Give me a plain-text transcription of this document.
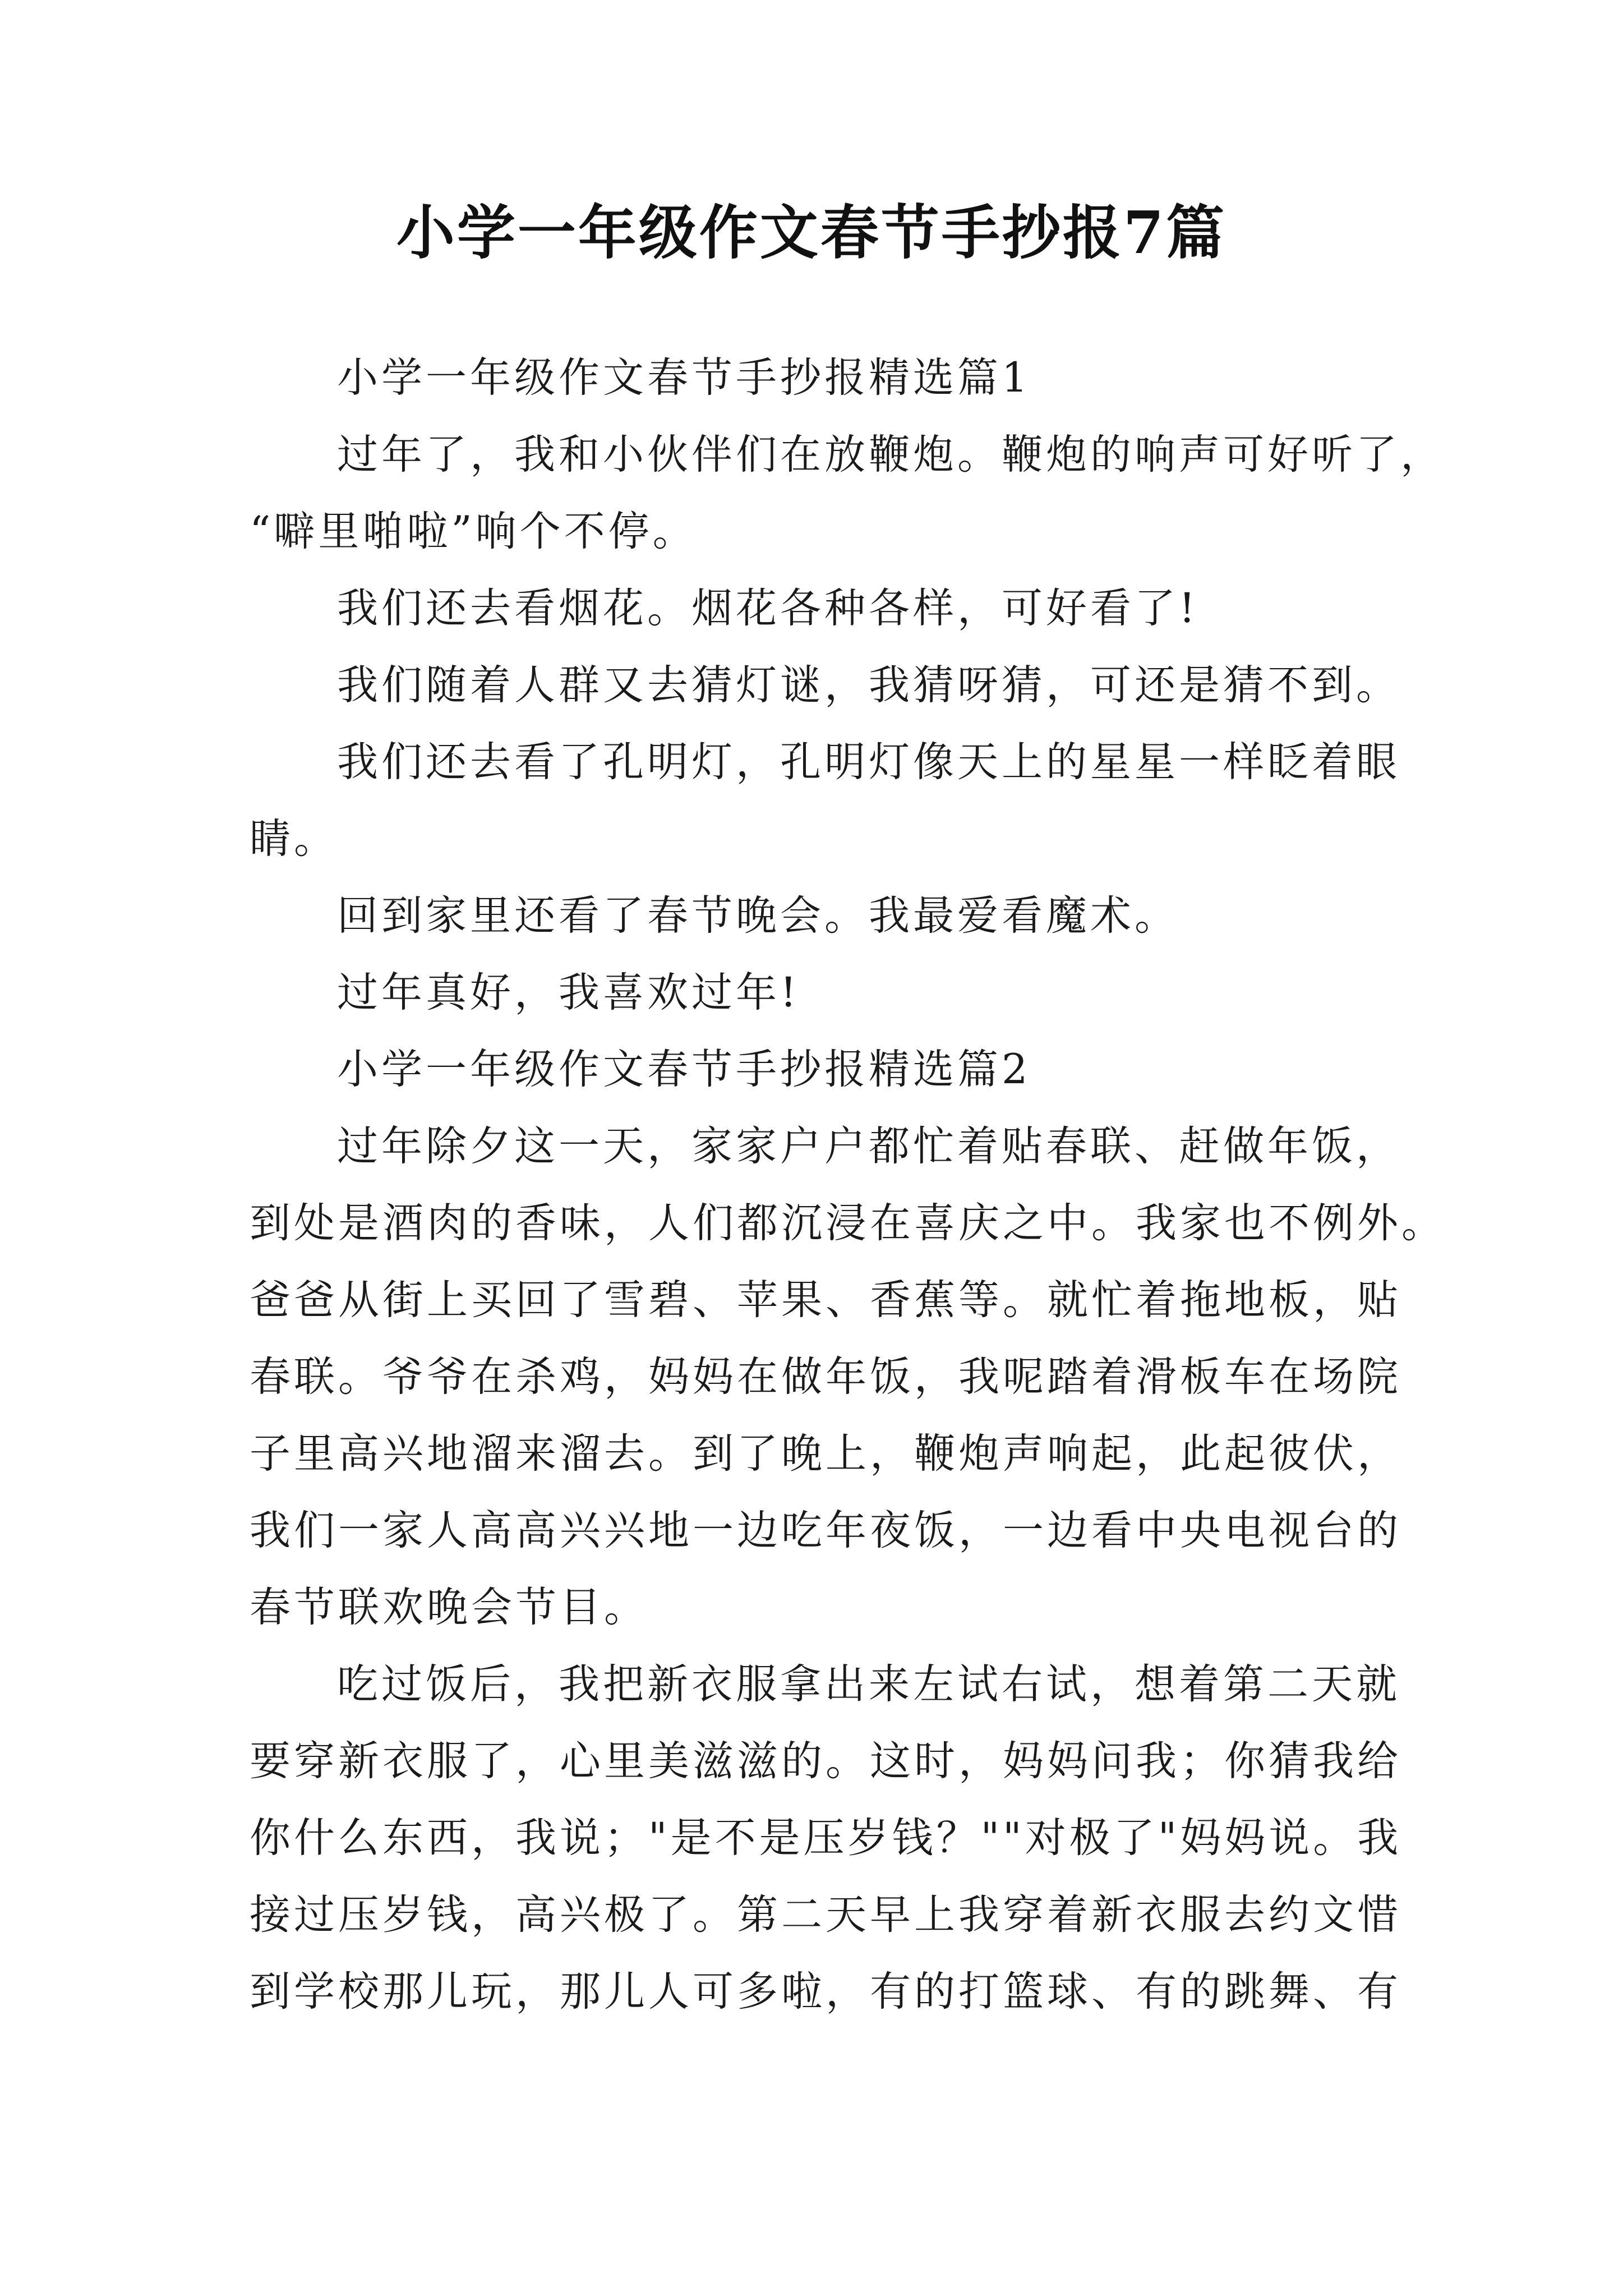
小学一年级作文春节手抄报7篇
小学一年级作文春节手抄报精选篇1
过年了，我和小伙伴们在放鞭炮。鞭炮的响声可好听了，
“噼里啪啦”响个不停。
我们还去看烟花。烟花各种各样，可好看了!
我们随着人群又去猜灯谜，我猜呀猜，可还是猜不到。
我们还去看了孔明灯，孔明灯像天上的星星一样眨着眼
睛。
回到家里还看了春节晚会。我最爱看魔术。
过年真好，我喜欢过年!
小学一年级作文春节手抄报精选篇2
过年除夕这一天，家家户户都忙着贴春联、赶做年饭，
到处是酒肉的香味，人们都沉浸在喜庆之中。我家也不例外。
爸爸从街上买回了雪碧、苹果、香蕉等。就忙着拖地板，贴
春联。爷爷在杀鸡，妈妈在做年饭，我呢踏着滑板车在场院
子里高兴地溜来溜去。到了晚上，鞭炮声响起，此起彼伏，
我们一家人高高兴兴地一边吃年夜饭，一边看中央电视台的
春节联欢晚会节目。
吃过饭后，我把新衣服拿出来左试右试，想着第二天就
要穿新衣服了，心里美滋滋的。这时，妈妈问我；你猜我给
你什么东西，我说；"是不是压岁钱？""对极了"妈妈说。我
接过压岁钱，高兴极了。第二天早上我穿着新衣服去约文惜
到学校那儿玩，那儿人可多啦，有的打篮球、有的跳舞、有
